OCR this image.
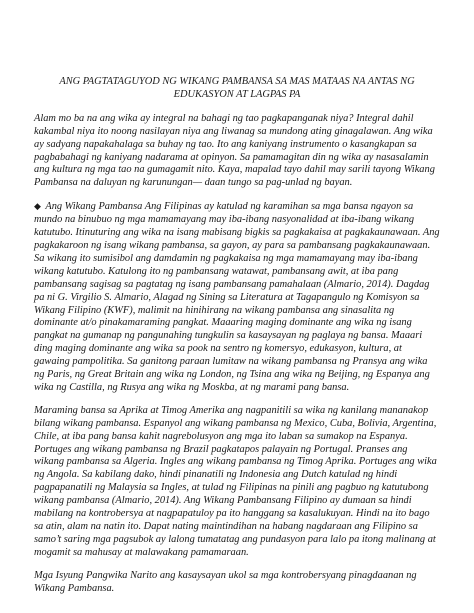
ANG PAGTATAGUYOD NG WIKANG PAMBANSA SA MAS MATAAS NA ANTAS NG EDUKASYON AT LAGPAS PA

Alam mo ba na ang wika ay integral na bahagi ng tao pagkapanganak niya? Integral dahil kakambal niya ito noong nasilayan niya ang liwanag sa mundong ating ginagalawan. Ang wika ay sadyang napakahalaga sa buhay ng tao. Ito ang kaniyang instrumento o kasangkapan sa pagbabahagi ng kaniyang nadarama at opinyon. Sa pamamagitan din ng wika ay nasasalamin ang kultura ng mga tao na gumagamit nito. Kaya, mapalad tayo dahil may sarili tayong Wikang Pambansa na daluyan ng karunungan— daan tungo sa pag-unlad ng bayan.

◆ Ang Wikang Pambansa Ang Filipinas ay katulad ng karamihan sa mga bansa ngayon sa mundo na binubuo ng mga mamamayang may iba-ibang nasyonalidad at iba-ibang wikang katutubo. Itinuturing ang wika na isang mabisang bigkis sa pagkakaisa at pagkakaunawaan. Ang pagkakaroon ng isang wikang pambansa, sa gayon, ay para sa pambansang pagkakaunawaan. Sa wikang ito sumisibol ang damdamin ng pagkakaisa ng mga mamamayang may iba-ibang wikang katutubo. Katulong ito ng pambansang watawat, pambansang awit, at iba pang pambansang sagisag sa pagtatag ng isang pambansang pamahalaan (Almario, 2014). Dagdag pa ni G. Virgilio S. Almario, Alagad ng Sining sa Literatura at Tagapangulo ng Komisyon sa Wikang Filipino (KWF), malimit na hinihirang na wikang pambansa ang sinasalita ng dominante at/o pinakamaraming pangkat. Maaaring maging dominante ang wika ng isang pangkat na gumanap ng pangunahing tungkulin sa kasaysayan ng paglaya ng bansa. Maaari ding maging dominante ang wika sa pook na sentro ng komersyo, edukasyon, kultura, at gawaing pampolitika. Sa ganitong paraan lumitaw na wikang pambansa ng Pransya ang wika ng Paris, ng Great Britain ang wika ng London, ng Tsina ang wika ng Beijing, ng Espanya ang wika ng Castilla, ng Rusya ang wika ng Moskba, at ng marami pang bansa.

Maraming bansa sa Aprika at Timog Amerika ang nagpanitili sa wika ng kanilang mananakop bilang wikang pambansa. Espanyol ang wikang pambansa ng Mexico, Cuba, Bolivia, Argentina, Chile, at iba pang bansa kahit nagrebolusyon ang mga ito laban sa sumakop na Espanya. Portuges ang wikang pambansa ng Brazil pagkatapos palayain ng Portugal. Pranses ang wikang pambansa sa Algeria. Ingles ang wikang pambansa ng Timog Aprika. Portuges ang wika ng Angola. Sa kabilang dako, hindi pinanatili ng Indonesia ang Dutch katulad ng hindi pagpapanatili ng Malaysia sa Ingles, at tulad ng Filipinas na pinili ang pagbuo ng katutubong wikang pambansa (Almario, 2014). Ang Wikang Pambansang Filipino ay dumaan sa hindi mabilang na kontrobersya at nagpapatuloy pa ito hanggang sa kasalukuyan. Hindi na ito bago sa atin, alam na natin ito. Dapat nating maintindihan na habang nagdaraan ang Filipino sa samo’t saring mga pagsubok ay lalong tumatatag ang pundasyon para lalo pa itong malinang at mogamit sa mahusay at malawakang pamamaraan.

Mga Isyung Pangwika Narito ang kasaysayan ukol sa mga kontrobersyang pinagdaanan ng Wikang Pambansa.
